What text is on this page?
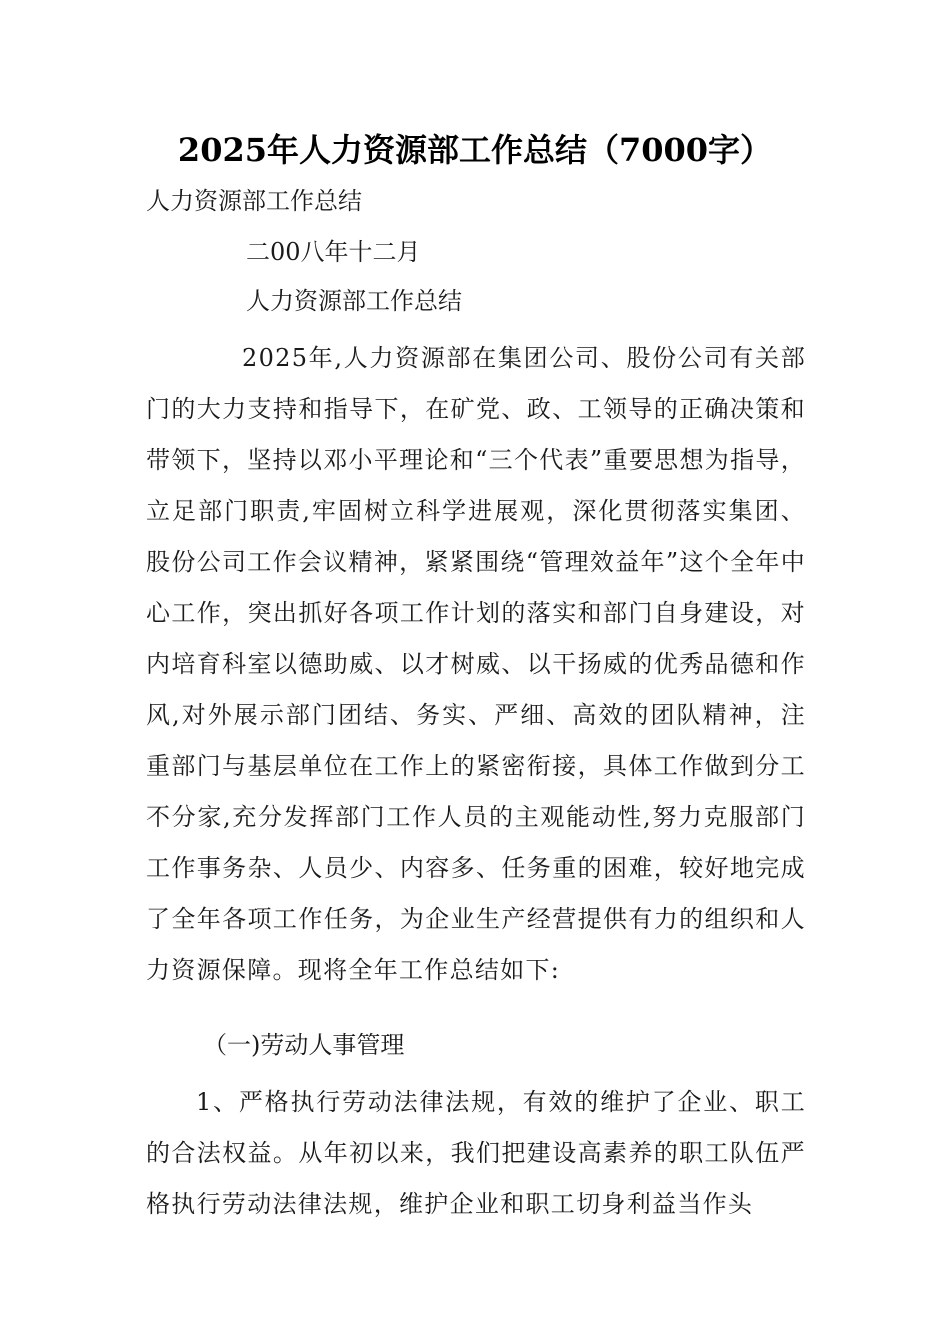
2025年人力资源部工作总结（7000字）
人力资源部工作总结
二00八年十二月
人力资源部工作总结
2025年,人力资源部在集团公司、股份公司有关部门的大力支持和指导下，在矿党、政、工领导的正确决策和带领下，坚持以邓小平理论和“三个代表”重要思想为指导，立足部门职责,牢固树立科学进展观，深化贯彻落实集团、股份公司工作会议精神，紧紧围绕“管理效益年”这个全年中心工作，突出抓好各项工作计划的落实和部门自身建设，对内培育科室以德助威、以才树威、以干扬威的优秀品德和作风,对外展示部门团结、务实、严细、高效的团队精神，注重部门与基层单位在工作上的紧密衔接，具体工作做到分工不分家,充分发挥部门工作人员的主观能动性,努力克服部门工作事务杂、人员少、内容多、任务重的困难，较好地完成了全年各项工作任务，为企业生产经营提供有力的组织和人力资源保障。现将全年工作总结如下:
（一)劳动人事管理
1、严格执行劳动法律法规，有效的维护了企业、职工的合法权益。从年初以来，我们把建设高素养的职工队伍严格执行劳动法律法规，维护企业和职工切身利益当作头
